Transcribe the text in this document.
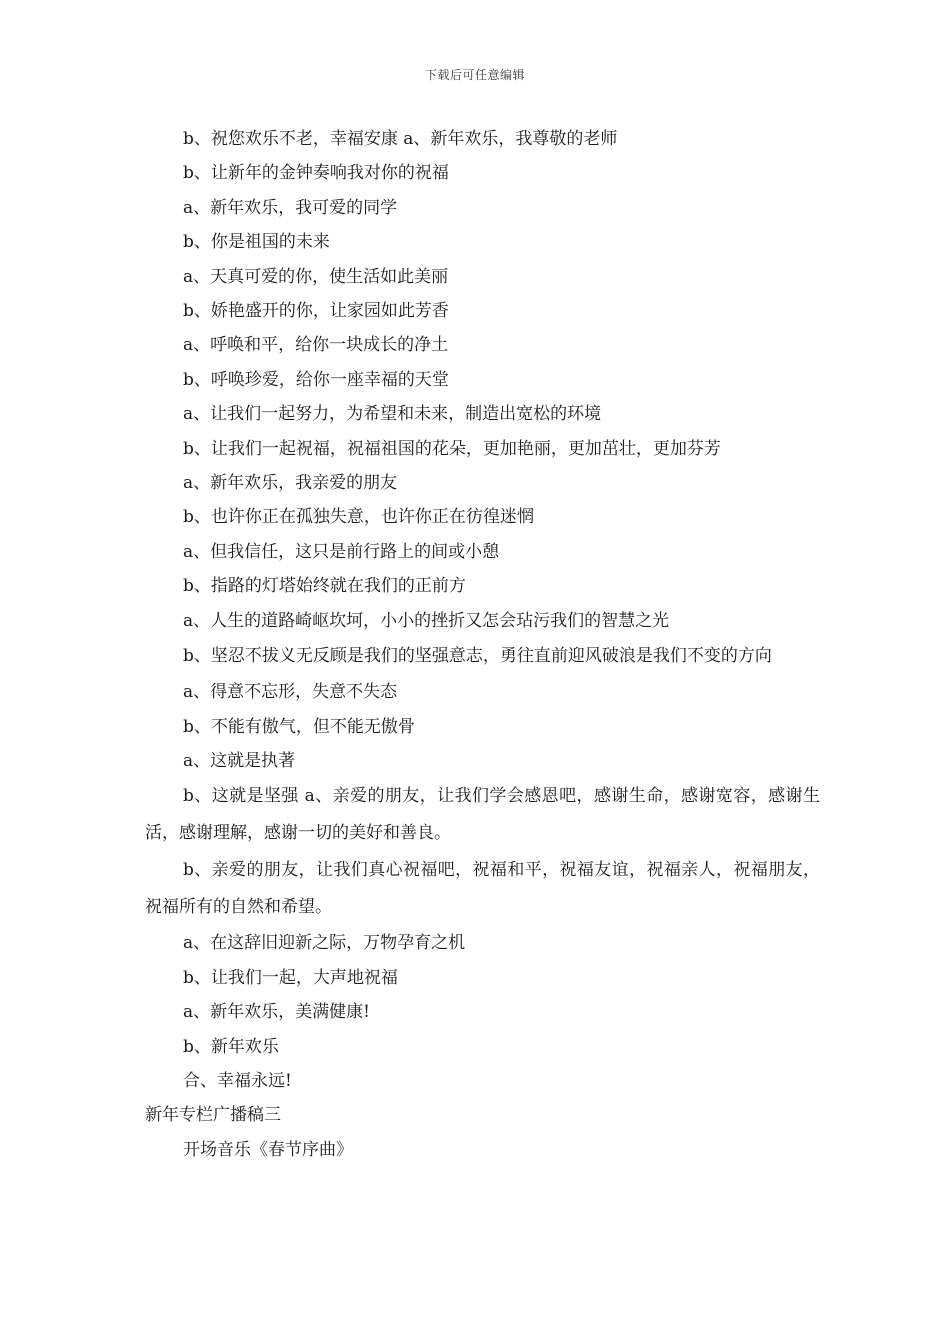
下载后可任意编辑

b、祝您欢乐不老，幸福安康 a、新年欢乐，我尊敬的老师

b、让新年的金钟奏响我对你的祝福

a、新年欢乐，我可爱的同学

b、你是祖国的未来

a、天真可爱的你，使生活如此美丽

b、娇艳盛开的你，让家园如此芳香

a、呼唤和平，给你一块成长的净土

b、呼唤珍爱，给你一座幸福的天堂

a、让我们一起努力，为希望和未来，制造出宽松的环境

b、让我们一起祝福，祝福祖国的花朵，更加艳丽，更加茁壮，更加芬芳

a、新年欢乐，我亲爱的朋友

b、也许你正在孤独失意，也许你正在彷徨迷惘

a、但我信任，这只是前行路上的间或小憩

b、指路的灯塔始终就在我们的正前方

a、人生的道路崎岖坎坷，小小的挫折又怎会玷污我们的智慧之光

b、坚忍不拔义无反顾是我们的坚强意志，勇往直前迎风破浪是我们不变的方向

a、得意不忘形，失意不失态

b、不能有傲气，但不能无傲骨

a、这就是执著

b、这就是坚强 a、亲爱的朋友，让我们学会感恩吧，感谢生命，感谢宽容，感谢生活，感谢理解，感谢一切的美好和善良。

b、亲爱的朋友，让我们真心祝福吧，祝福和平，祝福友谊，祝福亲人，祝福朋友，祝福所有的自然和希望。

a、在这辞旧迎新之际，万物孕育之机

b、让我们一起，大声地祝福

a、新年欢乐，美满健康!

b、新年欢乐

合、幸福永远!

新年专栏广播稿三

开场音乐《春节序曲》
